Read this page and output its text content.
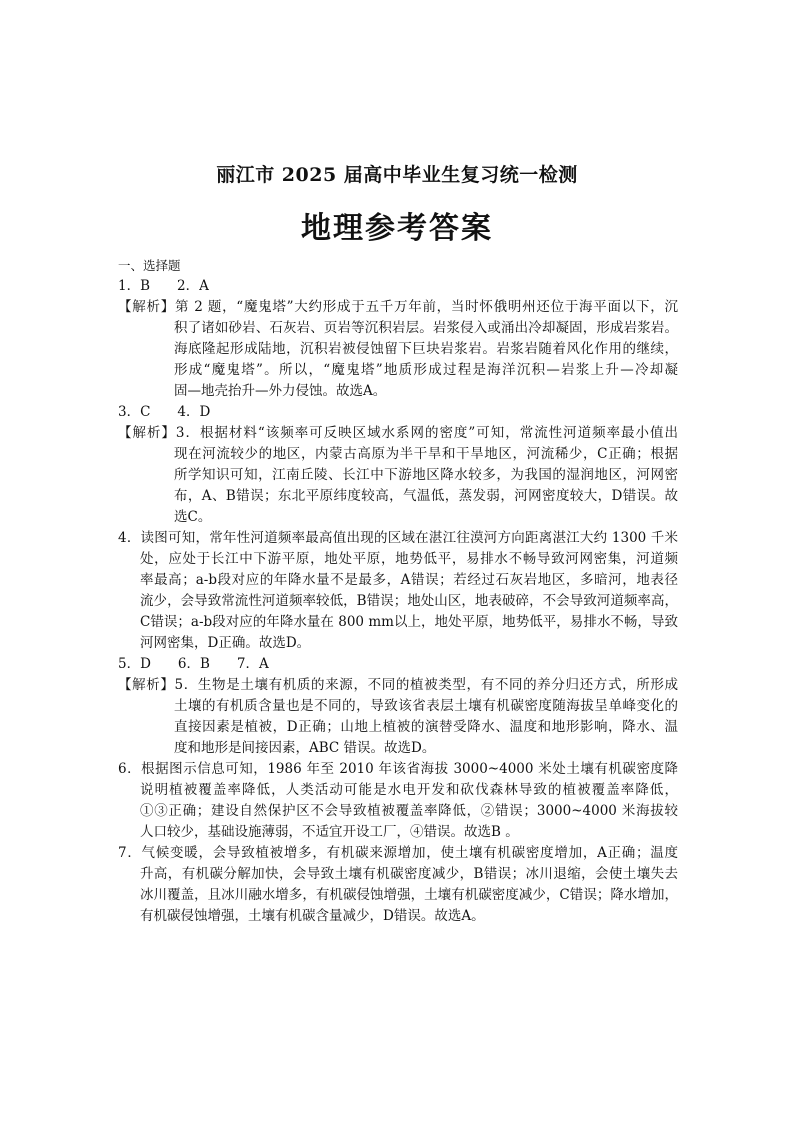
丽江市 2025 届高中毕业生复习统一检测
地理参考答案
一、选择题
1．B　　2．A
【解析】第 2 题，“魔鬼塔”大约形成于五千万年前，当时怀俄明州还位于海平面以下，沉
积了诸如砂岩、石灰岩、页岩等沉积岩层。岩浆侵入或涌出冷却凝固，形成岩浆岩。
海底隆起形成陆地，沉积岩被侵蚀留下巨块岩浆岩。岩浆岩随着风化作用的继续，
形成“魔鬼塔”。所以，“魔鬼塔”地质形成过程是海洋沉积—岩浆上升—冷却凝
固—地壳抬升—外力侵蚀。故选A。
3．C　　4．D
【解析】3．根据材料“该频率可反映区域水系网的密度”可知，常流性河道频率最小值出
现在河流较少的地区，内蒙古高原为半干旱和干旱地区，河流稀少，C正确；根据
所学知识可知，江南丘陵、长江中下游地区降水较多，为我国的湿润地区，河网密
布，A、B错误；东北平原纬度较高，气温低，蒸发弱，河网密度较大，D错误。故
选C。
4．读图可知，常年性河道频率最高值出现的区域在湛江往漠河方向距离湛江大约 1300 千米
处，应处于长江中下游平原，地处平原，地势低平，易排水不畅导致河网密集，河道频
率最高；a-b段对应的年降水量不是最多，A错误；若经过石灰岩地区，多暗河，地表径
流少，会导致常流性河道频率较低，B错误；地处山区，地表破碎，不会导致河道频率高，
C错误；a-b段对应的年降水量在 800 mm以上，地处平原，地势低平，易排水不畅，导致
河网密集，D正确。故选D。
5．D　　6．B　　7．A
【解析】5．生物是土壤有机质的来源，不同的植被类型，有不同的养分归还方式，所形成
土壤的有机质含量也是不同的，导致该省表层土壤有机碳密度随海拔呈单峰变化的
直接因素是植被，D正确；山地上植被的演替受降水、温度和地形影响，降水、温
度和地形是间接因素，ABC 错误。故选D。
6．根据图示信息可知，1986 年至 2010 年该省海拔 3000~4000 米处土壤有机碳密度降
说明植被覆盖率降低，人类活动可能是水电开发和砍伐森林导致的植被覆盖率降低，
①③正确；建设自然保护区不会导致植被覆盖率降低，②错误；3000~4000 米海拔较
人口较少，基础设施薄弱，不适宜开设工厂，④错误。故选B 。
7．气候变暖，会导致植被增多，有机碳来源增加，使土壤有机碳密度增加，A正确；温度
升高，有机碳分解加快，会导致土壤有机碳密度减少，B错误；冰川退缩，会使土壤失去
冰川覆盖，且冰川融水增多，有机碳侵蚀增强，土壤有机碳密度减少，C错误；降水增加，
有机碳侵蚀增强，土壤有机碳含量减少，D错误。故选A。
